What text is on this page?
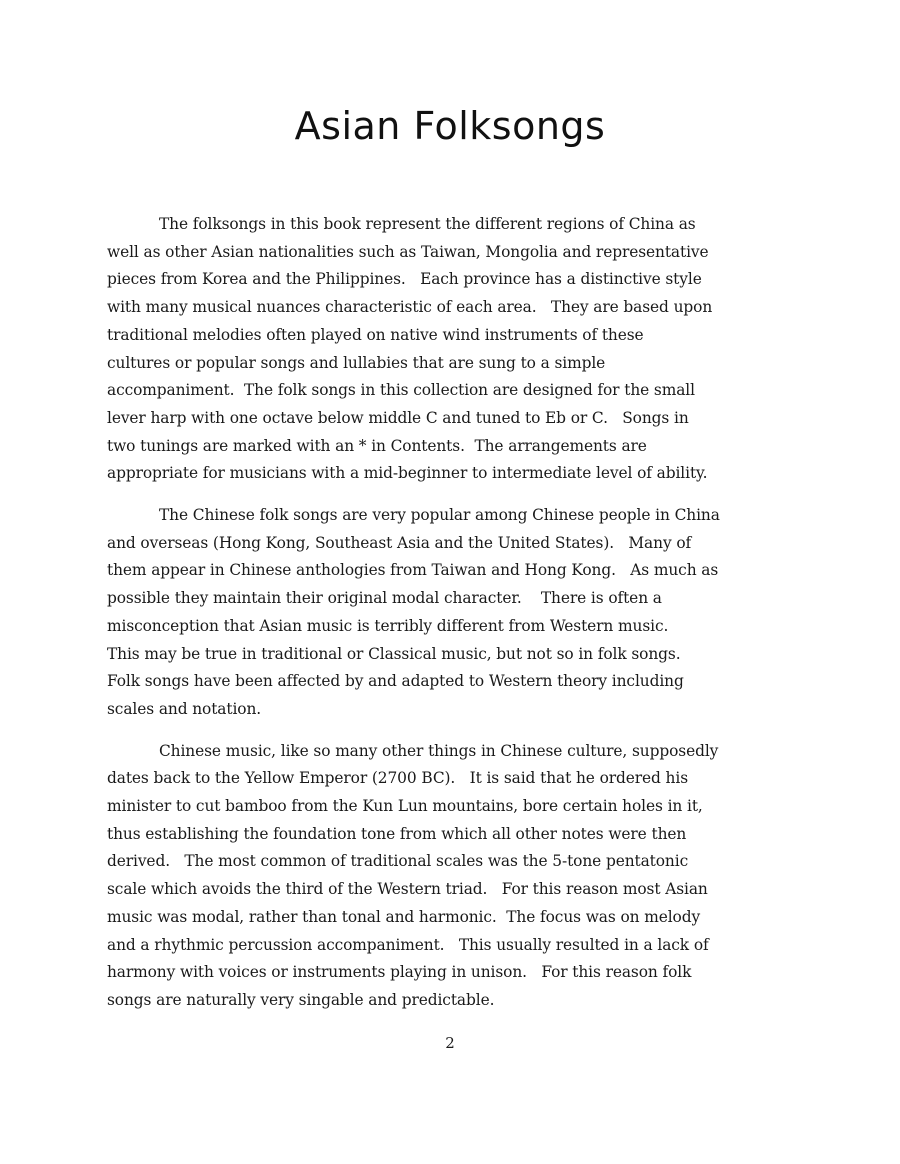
Asian Folksongs

The folksongs in this book represent the different regions of China as
well as other Asian nationalities such as Taiwan, Mongolia and representative
pieces from Korea and the Philippines.   Each province has a distinctive style
with many musical nuances characteristic of each area.   They are based upon
traditional melodies often played on native wind instruments of these
cultures or popular songs and lullabies that are sung to a simple
accompaniment.  The folk songs in this collection are designed for the small
lever harp with one octave below middle C and tuned to Eb or C.   Songs in
two tunings are marked with an * in Contents.  The arrangements are
appropriate for musicians with a mid-beginner to intermediate level of ability.

The Chinese folk songs are very popular among Chinese people in China
and overseas (Hong Kong, Southeast Asia and the United States).   Many of
them appear in Chinese anthologies from Taiwan and Hong Kong.   As much as
possible they maintain their original modal character.    There is often a
misconception that Asian music is terribly different from Western music.
This may be true in traditional or Classical music, but not so in folk songs.
Folk songs have been affected by and adapted to Western theory including
scales and notation.

Chinese music, like so many other things in Chinese culture, supposedly
dates back to the Yellow Emperor (2700 BC).   It is said that he ordered his
minister to cut bamboo from the Kun Lun mountains, bore certain holes in it,
thus establishing the foundation tone from which all other notes were then
derived.   The most common of traditional scales was the 5-tone pentatonic
scale which avoids the third of the Western triad.   For this reason most Asian
music was modal, rather than tonal and harmonic.  The focus was on melody
and a rhythmic percussion accompaniment.   This usually resulted in a lack of
harmony with voices or instruments playing in unison.   For this reason folk
songs are naturally very singable and predictable.

2
